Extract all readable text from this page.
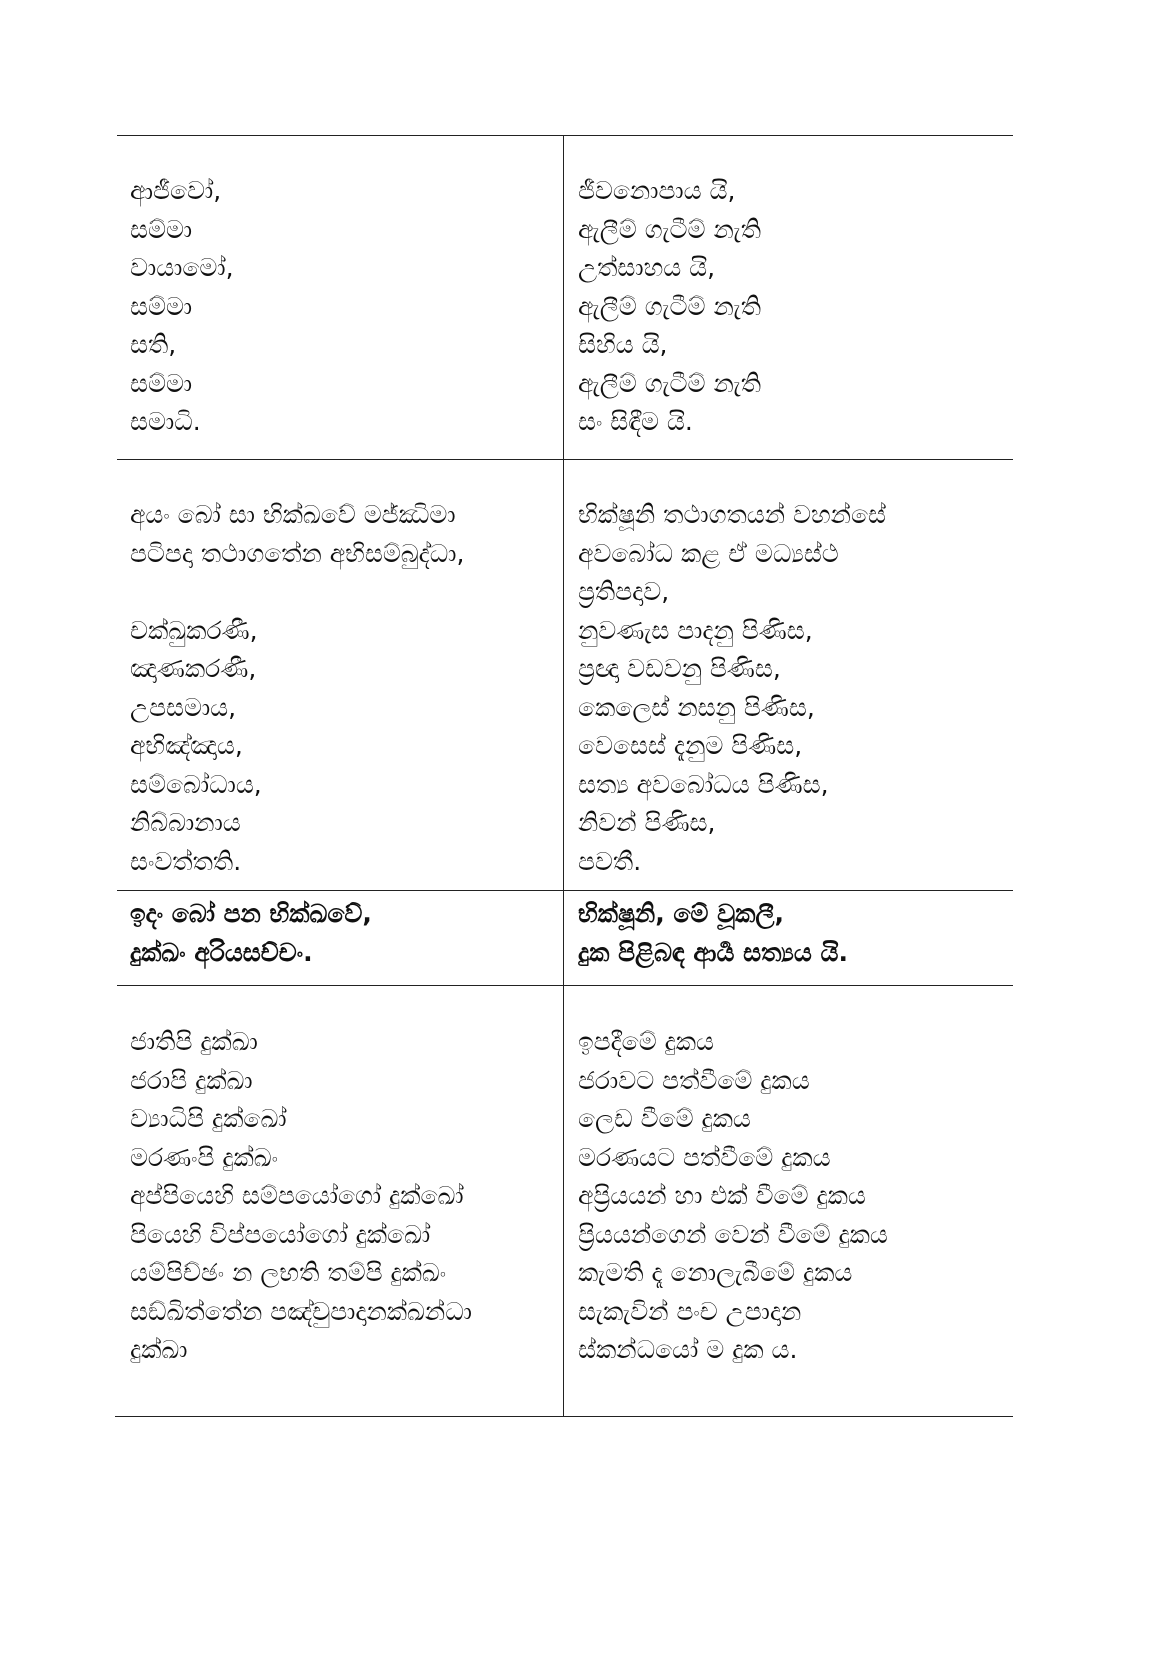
ආජීවෝ,
සම්මා
වායාමෝ,
සම්මා
සති,
සම්මා
සමාධි.
ජීවනොපාය යි,
ඇලීම් ගැටීම් නැති
උත්සාහය යි,
ඇලීම් ගැටීම් නැති
සිහිය යි,
ඇලීම් ගැටීම් නැති
සං සිඳීම යි.
අයං බෝ සා භික්ඛවේ මජ්ඣිමා
පටිපදා තථාගතේන අභිසම්බුද්ධා,
චක්ඛුකරණී,
ඤාණකරණී,
උපසමාය,
අභිඤ්ඤාය,
සම්බෝධාය,
නිබ්බානාය
සංවත්තති.
භික්ෂූනි තථාගතයන් වහන්සේ
අවබෝධ කළ ඒ මධ්‍යස්ථ
ප්‍රතිපදාව,
නුවණැස පාදනු පිණිස,
ප්‍රඥා වඩවනු පිණිස,
කෙලෙස් නසනු පිණිස,
වෙසෙස් දැනුම පිණිස,
සත්‍ය අවබෝධය පිණිස,
නිවන් පිණිස,
පවතී.
ඉදං බෝ පන භික්ඛවේ,
දුක්ඛං අරියසච්චං.
භික්ෂූනි, මේ වූකලී,
දුක පිළිබඳ ආර්‍ය සත්‍යය යි.
ජාතිපි දුක්ඛා
ජරාපි දුක්ඛා
ව්‍යාධිපි දුක්ඛෝ
මරණංපි දුක්ඛං
අප්පියෙහි සම්පයෝගෝ දුක්ඛෝ
පියෙහි විප්පයෝගෝ දුක්ඛෝ
යම්පිච්ඡං න ලභති තම්පි දුක්ඛං
සඞ්ඛිත්තේන පඤ්චුපාදානක්ඛන්ධා
දුක්ඛා
ඉපදීමේ දුකය
ජරාවට පත්වීමේ දුකය
ලෙඩ වීමේ දුකය
මරණයට පත්වීමේ දුකය
අප්‍රියයන් හා එක් වීමේ දුකය
ප්‍රියයන්ගෙන් වෙන් වීමේ දුකය
කැමති දෑ නොලැබීමේ දුකය
සැකැවින් පංච උපාදාන
ස්කන්ධයෝ ම දුක ය.
